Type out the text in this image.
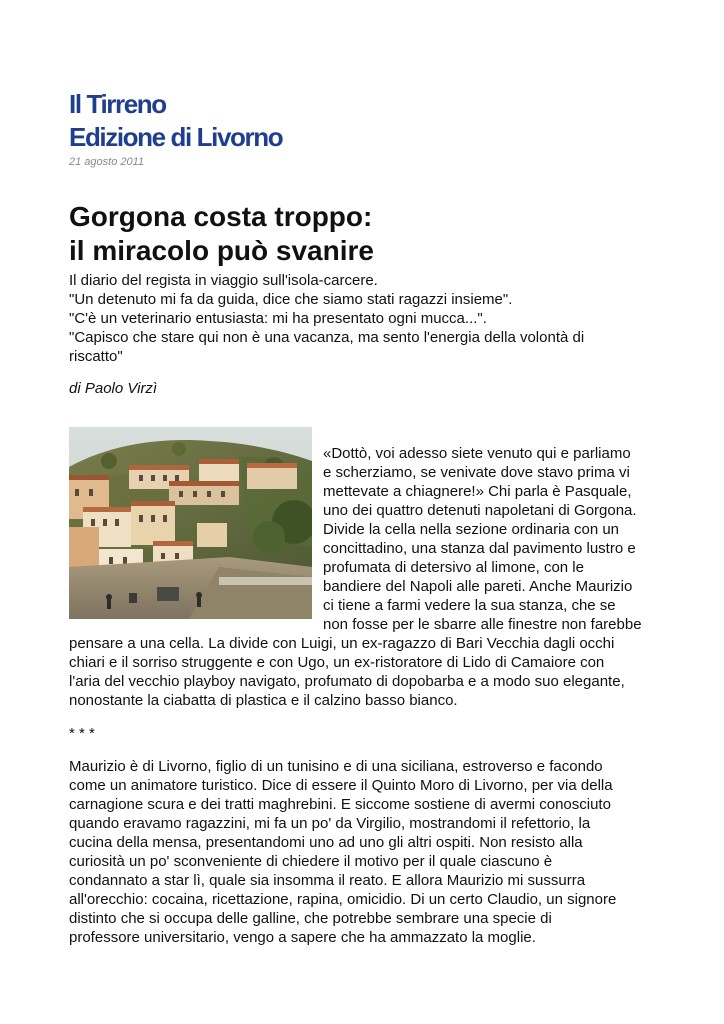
Il Tirreno
Edizione di Livorno
21 agosto 2011
Gorgona costa troppo:
il miracolo può svanire
Il diario del regista in viaggio sull'isola-carcere.
"Un detenuto mi fa da guida, dice che siamo stati ragazzi insieme".
"C'è un veterinario entusiasta: mi ha presentato ogni mucca...".
"Capisco che stare qui non è una vacanza, ma sento l'energia della volontà di
riscatto"
di Paolo Virzì
«Dottò, voi adesso siete venuto qui e parliamo
e scherziamo, se venivate dove stavo prima vi
mettevate a chiagnere!» Chi parla è Pasquale,
uno dei quattro detenuti napoletani di Gorgona.
Divide la cella nella sezione ordinaria con un
concittadino, una stanza dal pavimento lustro e
profumata di detersivo al limone, con le
bandiere del Napoli alle pareti. Anche Maurizio
ci tiene a farmi vedere la sua stanza, che se
non fosse per le sbarre alle finestre non farebbe
pensare a una cella. La divide con Luigi, un ex-ragazzo di Bari Vecchia dagli occhi
chiari e il sorriso struggente e con Ugo, un ex-ristoratore di Lido di Camaiore con
l'aria del vecchio playboy navigato, profumato di dopobarba e a modo suo elegante,
nonostante la ciabatta di plastica e il calzino basso bianco.
* * *
Maurizio è di Livorno, figlio di un tunisino e di una siciliana, estroverso e facondo
come un animatore turistico. Dice di essere il Quinto Moro di Livorno, per via della
carnagione scura e dei tratti maghrebini. E siccome sostiene di avermi conosciuto
quando eravamo ragazzini, mi fa un po' da Virgilio, mostrandomi il refettorio, la
cucina della mensa, presentandomi uno ad uno gli altri ospiti. Non resisto alla
curiosità un po' sconveniente di chiedere il motivo per il quale ciascuno è
condannato a star lì, quale sia insomma il reato. E allora Maurizio mi sussurra
all'orecchio: cocaina, ricettazione, rapina, omicidio. Di un certo Claudio, un signore
distinto che si occupa delle galline, che potrebbe sembrare una specie di
professore universitario, vengo a sapere che ha ammazzato la moglie.
